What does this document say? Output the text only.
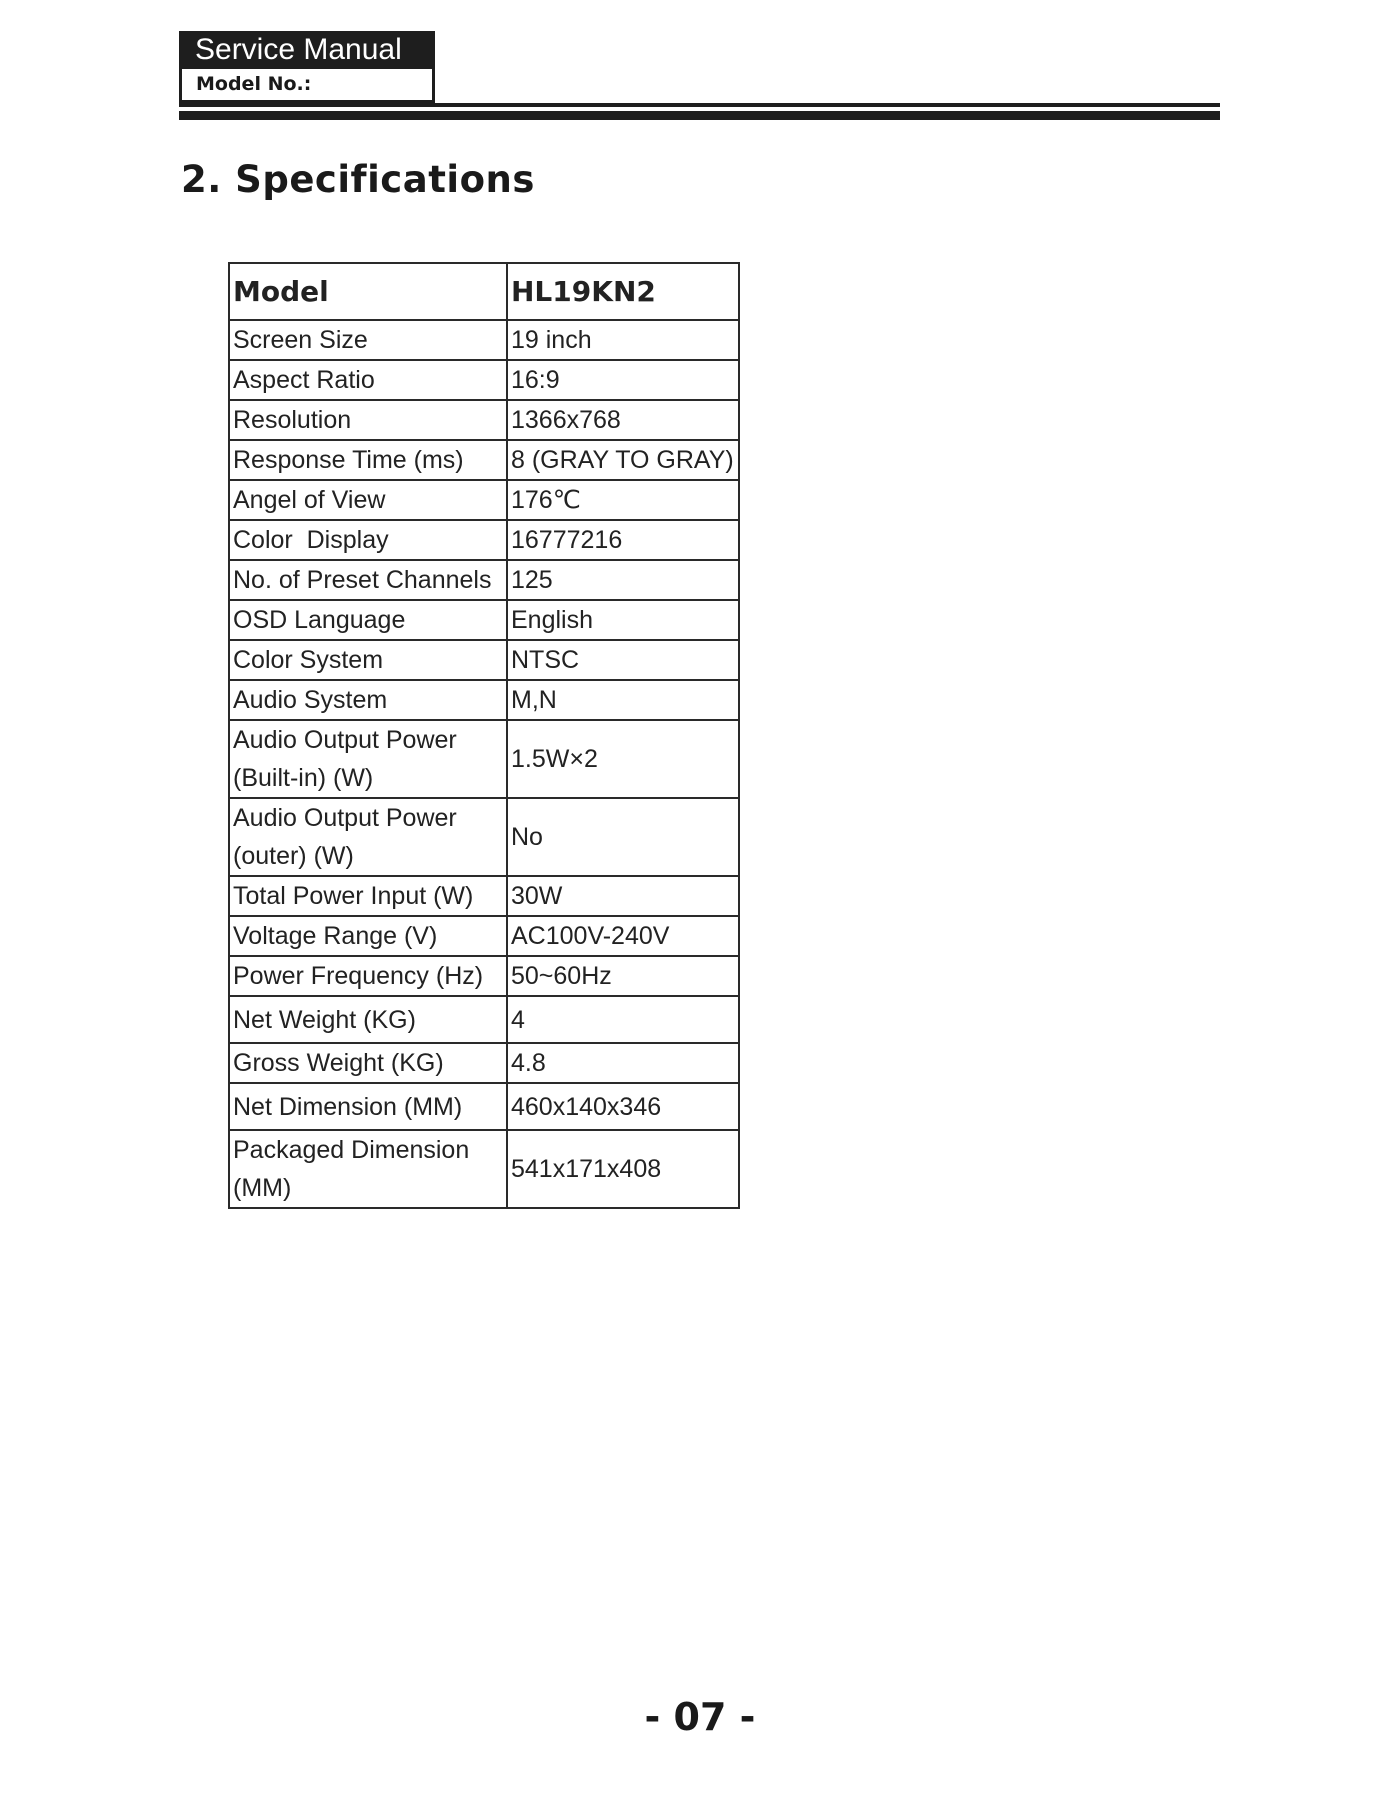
Service Manual
Model No.:
2. Specifications
Model	HL19KN2
Screen Size	19 inch
Aspect Ratio	16:9
Resolution	1366x768
Response Time (ms)	8 (GRAY TO GRAY)
Angel of View	176℃
Color  Display	16777216
No. of Preset Channels	125
OSD Language	English
Color System	NTSC
Audio System	M,N
Audio Output Power (Built-in) (W)	1.5W×2
Audio Output Power (outer) (W)	No
Total Power Input (W)	30W
Voltage Range (V)	AC100V-240V
Power Frequency (Hz)	50~60Hz
Net Weight (KG)	4
Gross Weight (KG)	4.8
Net Dimension (MM)	460x140x346
Packaged Dimension (MM)	541x171x408
- 07 -
